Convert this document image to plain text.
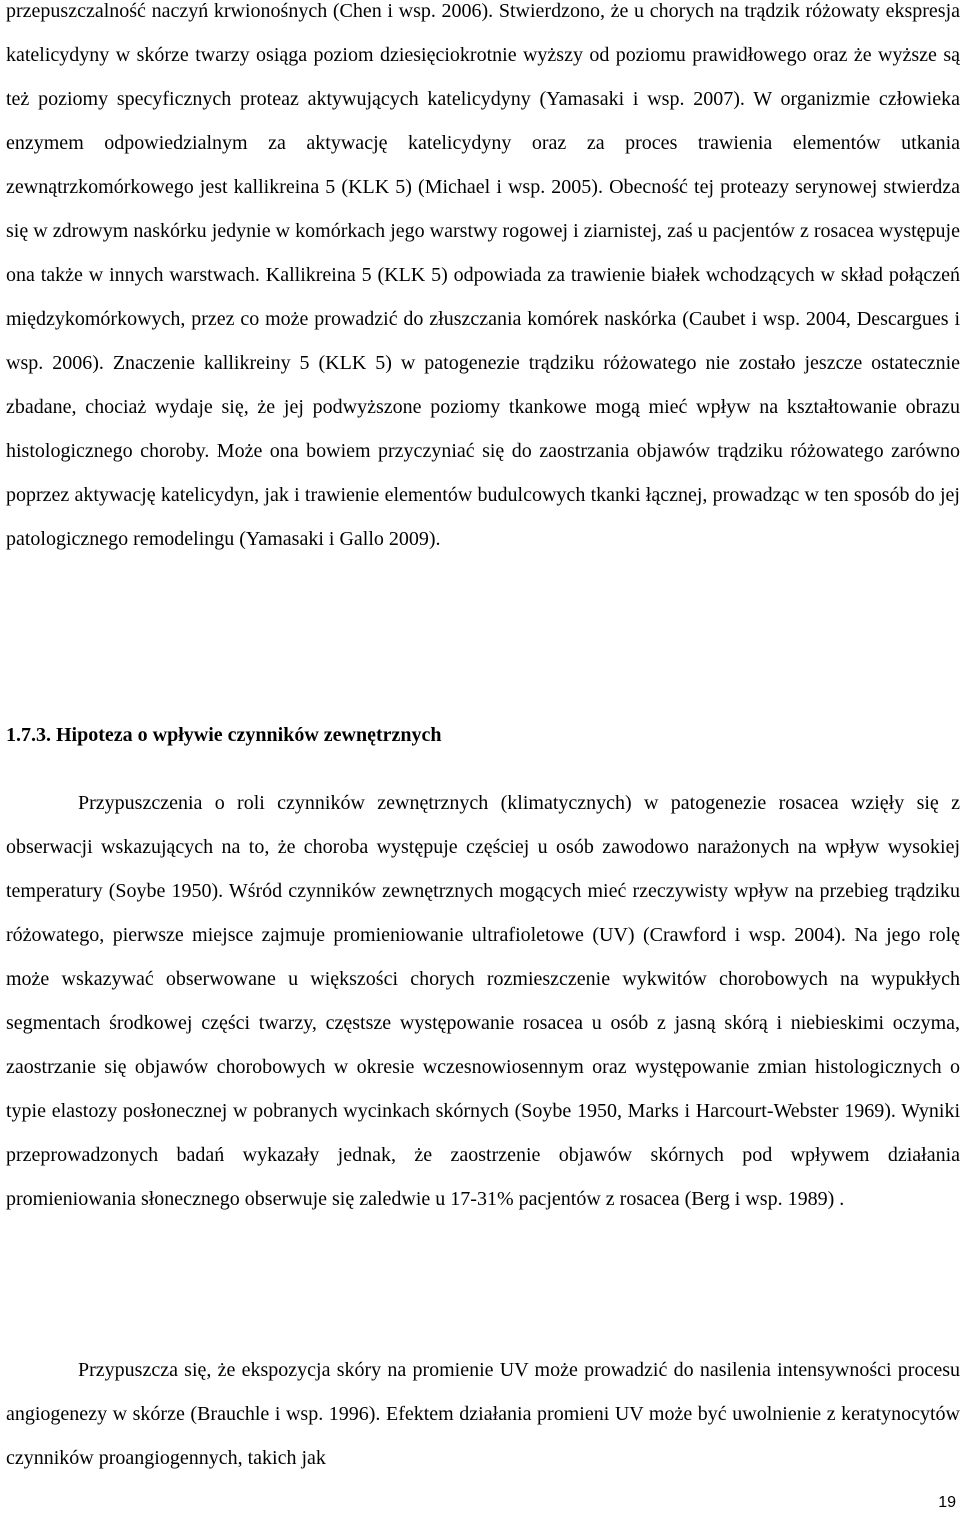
przepuszczalność naczyń krwionośnych (Chen i wsp. 2006). Stwierdzono, że u chorych na trądzik różowaty ekspresja katelicydyny w skórze twarzy osiąga poziom dziesięciokrotnie wyższy od poziomu prawidłowego oraz że wyższe są też poziomy specyficznych proteaz aktywujących katelicydyny (Yamasaki i wsp. 2007). W organizmie człowieka enzymem odpowiedzialnym za aktywację katelicydyny oraz za proces trawienia elementów utkania zewnątrzkomórkowego jest kallikreina 5 (KLK 5) (Michael i wsp. 2005). Obecność tej proteazy serynowej stwierdza się w zdrowym naskórku jedynie w komórkach jego warstwy rogowej i ziarnistej, zaś u pacjentów z rosacea występuje ona także w innych warstwach. Kallikreina 5 (KLK 5) odpowiada za trawienie białek wchodzących w skład połączeń międzykomórkowych, przez co może prowadzić do złuszczania komórek naskórka (Caubet i wsp. 2004, Descargues i wsp. 2006). Znaczenie kallikreiny 5 (KLK 5) w patogenezie trądziku różowatego nie zostało jeszcze ostatecznie zbadane, chociaż wydaje się, że jej podwyższone poziomy tkankowe mogą mieć wpływ na kształtowanie obrazu histologicznego choroby. Może ona bowiem przyczyniać się do zaostrzania objawów trądziku różowatego zarówno poprzez aktywację katelicydyn, jak i trawienie elementów budulcowych tkanki łącznej, prowadząc w ten sposób do jej patologicznego remodelingu (Yamasaki i Gallo 2009).

1.7.3. Hipoteza o wpływie czynników zewnętrznych

Przypuszczenia o roli czynników zewnętrznych (klimatycznych) w patogenezie rosacea wzięły się z obserwacji wskazujących na to, że choroba występuje częściej u osób zawodowo narażonych na wpływ wysokiej temperatury (Soybe 1950). Wśród czynników zewnętrznych mogących mieć rzeczywisty wpływ na przebieg trądziku różowatego, pierwsze miejsce zajmuje promieniowanie ultrafioletowe (UV) (Crawford i wsp. 2004). Na jego rolę może wskazywać obserwowane u większości chorych rozmieszczenie wykwitów chorobowych na wypukłych segmentach środkowej części twarzy, częstsze występowanie rosacea u osób z jasną skórą i niebieskimi oczyma, zaostrzanie się objawów chorobowych w okresie wczesnowiosennym oraz występowanie zmian histologicznych o typie elastozy posłonecznej w pobranych wycinkach skórnych (Soybe 1950, Marks i Harcourt-Webster 1969). Wyniki przeprowadzonych badań wykazały jednak, że zaostrzenie objawów skórnych pod wpływem działania promieniowania słonecznego obserwuje się zaledwie u 17-31% pacjentów z rosacea (Berg i wsp. 1989) .

Przypuszcza się, że ekspozycja skóry na promienie UV może prowadzić do nasilenia intensywności procesu angiogenezy w skórze (Brauchle i wsp. 1996). Efektem działania promieni UV może być uwolnienie z keratynocytów czynników proangiogennych, takich jak

19
